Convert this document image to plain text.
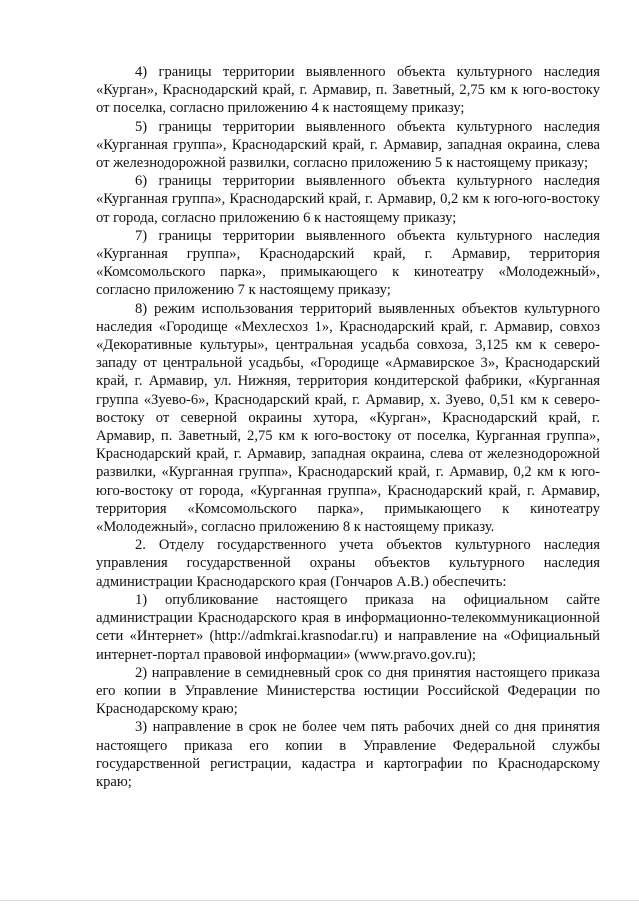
4) границы территории выявленного объекта культурного наследия «Курган», Краснодарский край, г. Армавир, п. Заветный, 2,75 км к юго-востоку от поселка, согласно приложению 4 к настоящему приказу;

5) границы территории выявленного объекта культурного наследия «Курганная группа», Краснодарский край, г. Армавир, западная окраина, слева от железнодорожной развилки, согласно приложению 5 к настоящему приказу;

6) границы территории выявленного объекта культурного наследия «Курганная группа», Краснодарский край, г. Армавир, 0,2 км к юго-юго-востоку от города, согласно приложению 6 к настоящему приказу;

7) границы территории выявленного объекта культурного наследия «Курганная группа», Краснодарский край, г. Армавир, территория «Комсомольского парка», примыкающего к кинотеатру «Молодежный», согласно приложению 7 к настоящему приказу;

8) режим использования территорий выявленных объектов культурного наследия «Городище «Мехлесхоз 1», Краснодарский край, г. Армавир, совхоз «Декоративные культуры», центральная усадьба совхоза, 3,125 км к северо-западу от центральной усадьбы, «Городище «Армавирское 3», Краснодарский край, г. Армавир, ул. Нижняя, территория кондитерской фабрики, «Курганная группа «Зуево-6», Краснодарский край, г. Армавир, х. Зуево, 0,51 км к северо-востоку от северной окраины хутора, «Курган», Краснодарский край, г. Армавир, п. Заветный, 2,75 км к юго-востоку от поселка, Курганная группа», Краснодарский край, г. Армавир, западная окраина, слева от железнодорожной развилки, «Курганная группа», Краснодарский край, г. Армавир, 0,2 км к юго-юго-востоку от города, «Курганная группа», Краснодарский край, г. Армавир, территория «Комсомольского парка», примыкающего к кинотеатру «Молодежный», согласно приложению 8 к настоящему приказу.

2. Отделу государственного учета объектов культурного наследия управления государственной охраны объектов культурного наследия администрации Краснодарского края (Гончаров А.В.) обеспечить:

1) опубликование настоящего приказа на официальном сайте администрации Краснодарского края в информационно-телекоммуникационной сети «Интернет» (http://admkrai.krasnodar.ru) и направление на «Официальный интернет-портал правовой информации» (www.pravo.gov.ru);

2) направление в семидневный срок со дня принятия настоящего приказа его копии в Управление Министерства юстиции Российской Федерации по Краснодарскому краю;

3) направление в срок не более чем пять рабочих дней со дня принятия настоящего приказа его копии в Управление Федеральной службы государственной регистрации, кадастра и картографии по Краснодарскому краю;
